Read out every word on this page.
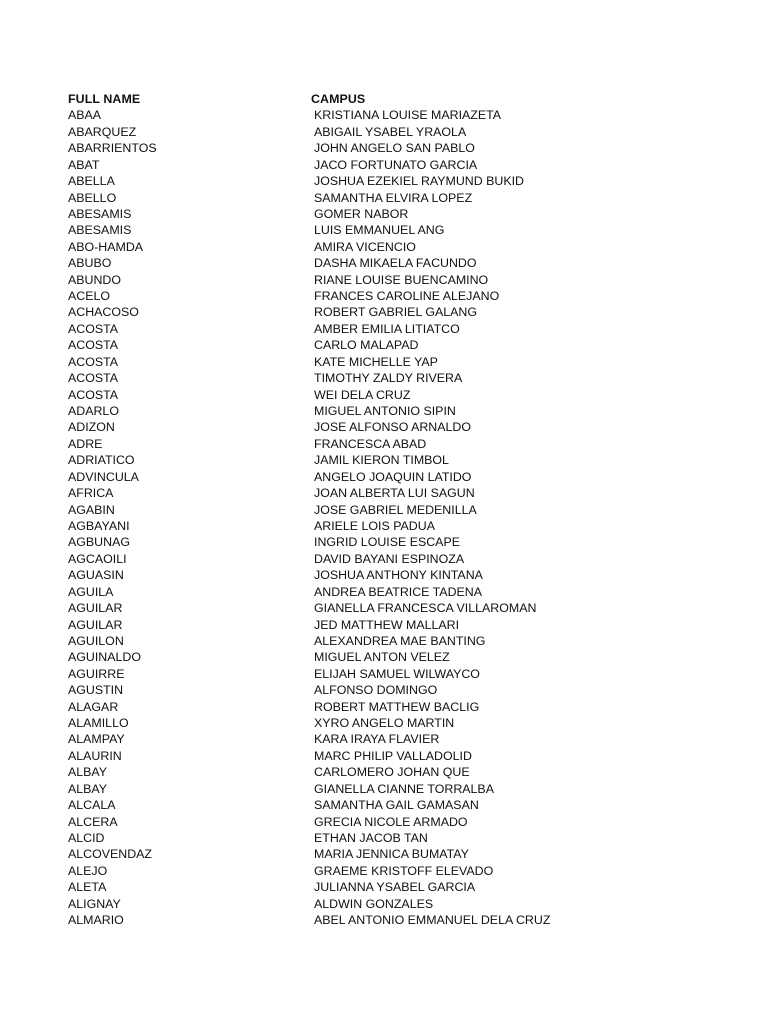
FULL NAME	CAMPUS
ABAA	KRISTIANA LOUISE MARIAZETA
ABARQUEZ	ABIGAIL YSABEL YRAOLA
ABARRIENTOS	JOHN ANGELO SAN PABLO
ABAT	JACO FORTUNATO GARCIA
ABELLA	JOSHUA EZEKIEL RAYMUND BUKID
ABELLO	SAMANTHA ELVIRA LOPEZ
ABESAMIS	GOMER NABOR
ABESAMIS	LUIS EMMANUEL ANG
ABO-HAMDA	AMIRA VICENCIO
ABUBO	DASHA MIKAELA FACUNDO
ABUNDO	RIANE LOUISE BUENCAMINO
ACELO	FRANCES CAROLINE ALEJANO
ACHACOSO	ROBERT GABRIEL GALANG
ACOSTA	AMBER EMILIA LITIATCO
ACOSTA	CARLO MALAPAD
ACOSTA	KATE MICHELLE YAP
ACOSTA	TIMOTHY ZALDY RIVERA
ACOSTA	WEI DELA CRUZ
ADARLO	MIGUEL ANTONIO SIPIN
ADIZON	JOSE ALFONSO ARNALDO
ADRE	FRANCESCA ABAD
ADRIATICO	JAMIL KIERON TIMBOL
ADVINCULA	ANGELO JOAQUIN LATIDO
AFRICA	JOAN ALBERTA LUI SAGUN
AGABIN	JOSE GABRIEL MEDENILLA
AGBAYANI	ARIELE LOIS PADUA
AGBUNAG	INGRID LOUISE ESCAPE
AGCAOILI	DAVID BAYANI ESPINOZA
AGUASIN	JOSHUA ANTHONY KINTANA
AGUILA	ANDREA BEATRICE TADENA
AGUILAR	GIANELLA FRANCESCA VILLAROMAN
AGUILAR	JED MATTHEW MALLARI
AGUILON	ALEXANDREA MAE BANTING
AGUINALDO	MIGUEL ANTON VELEZ
AGUIRRE	ELIJAH SAMUEL WILWAYCO
AGUSTIN	ALFONSO DOMINGO
ALAGAR	ROBERT MATTHEW BACLIG
ALAMILLO	XYRO ANGELO MARTIN
ALAMPAY	KARA IRAYA FLAVIER
ALAURIN	MARC PHILIP VALLADOLID
ALBAY	CARLOMERO JOHAN QUE
ALBAY	GIANELLA CIANNE TORRALBA
ALCALA	SAMANTHA GAIL GAMASAN
ALCERA	GRECIA NICOLE ARMADO
ALCID	ETHAN JACOB TAN
ALCOVENDAZ	MARIA JENNICA BUMATAY
ALEJO	GRAEME KRISTOFF ELEVADO
ALETA	JULIANNA YSABEL GARCIA
ALIGNAY	ALDWIN GONZALES
ALMARIO	ABEL ANTONIO EMMANUEL DELA CRUZ
